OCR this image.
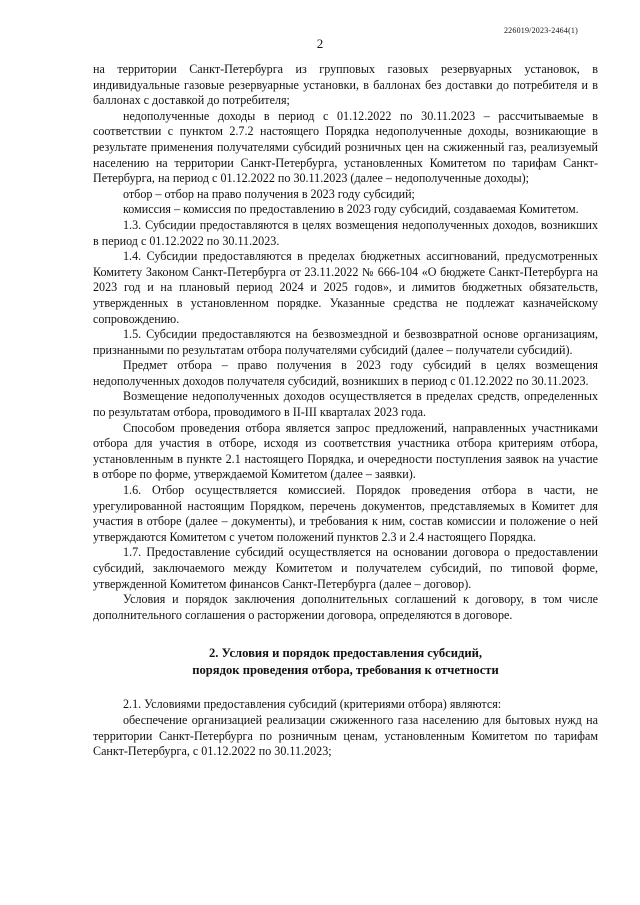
226019/2023-2464(1)
2

на территории Санкт-Петербурга из групповых газовых резервуарных установок, в индивидуальные газовые резервуарные установки, в баллонах без доставки до потребителя и в баллонах с доставкой до потребителя;

недополученные доходы в период с 01.12.2022 по 30.11.2023 – рассчитываемые в соответствии с пунктом 2.7.2 настоящего Порядка недополученные доходы, возникающие в результате применения получателями субсидий розничных цен на сжиженный газ, реализуемый населению на территории Санкт-Петербурга, установленных Комитетом по тарифам Санкт-Петербурга, на период с 01.12.2022 по 30.11.2023 (далее – недополученные доходы);

отбор – отбор на право получения в 2023 году субсидий;

комиссия – комиссия по предоставлению в 2023 году субсидий, создаваемая Комитетом.

1.3. Субсидии предоставляются в целях возмещения недополученных доходов, возникших в период с 01.12.2022 по 30.11.2023.

1.4. Субсидии предоставляются в пределах бюджетных ассигнований, предусмотренных Комитету Законом Санкт-Петербурга от 23.11.2022 № 666-104 «О бюджете Санкт-Петербурга на 2023 год и на плановый период 2024 и 2025 годов», и лимитов бюджетных обязательств, утвержденных в установленном порядке. Указанные средства не подлежат казначейскому сопровождению.

1.5. Субсидии предоставляются на безвозмездной и безвозвратной основе организациям, признанными по результатам отбора получателями субсидий (далее – получатели субсидий).

Предмет отбора – право получения в 2023 году субсидий в целях возмещения недополученных доходов получателя субсидий, возникших в период с 01.12.2022 по 30.11.2023.

Возмещение недополученных доходов осуществляется в пределах средств, определенных по результатам отбора, проводимого в II-III кварталах 2023 года.

Способом проведения отбора является запрос предложений, направленных участниками отбора для участия в отборе, исходя из соответствия участника отбора критериям отбора, установленным в пункте 2.1 настоящего Порядка, и очередности поступления заявок на участие в отборе по форме, утверждаемой Комитетом (далее – заявки).

1.6. Отбор осуществляется комиссией. Порядок проведения отбора в части, не урегулированной настоящим Порядком, перечень документов, представляемых в Комитет для участия в отборе (далее – документы), и требования к ним, состав комиссии и положение о ней утверждаются Комитетом с учетом положений пунктов 2.3 и 2.4 настоящего Порядка.

1.7. Предоставление субсидий осуществляется на основании договора о предоставлении субсидий, заключаемого между Комитетом и получателем субсидий, по типовой форме, утвержденной Комитетом финансов Санкт-Петербурга (далее – договор).

Условия и порядок заключения дополнительных соглашений к договору, в том числе дополнительного соглашения о расторжении договора, определяются в договоре.

2. Условия и порядок предоставления субсидий,
порядок проведения отбора, требования к отчетности

2.1. Условиями предоставления субсидий (критериями отбора) являются:

обеспечение организацией реализации сжиженного газа населению для бытовых нужд на территории Санкт-Петербурга по розничным ценам, установленным Комитетом по тарифам Санкт-Петербурга, с 01.12.2022 по 30.11.2023;
